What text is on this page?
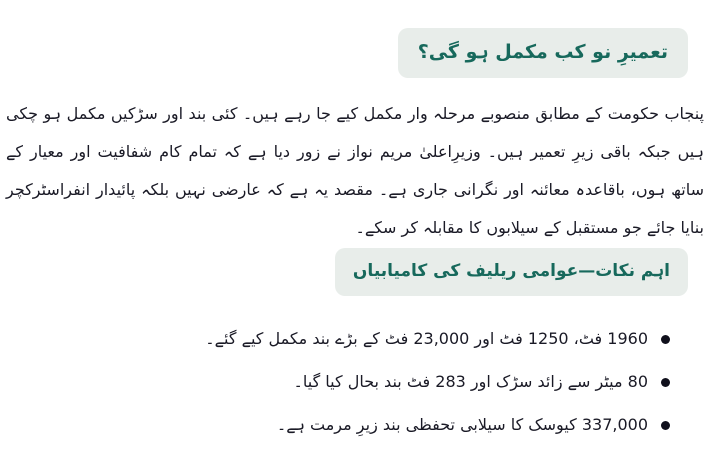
تعمیرِ نو کب مکمل ہو گی؟

پنجاب حکومت کے مطابق منصوبے مرحلہ وار مکمل کیے جا رہے ہیں۔ کئی بند اور سڑکیں مکمل ہو چکی ہیں جبکہ باقی زیرِ تعمیر ہیں۔ وزیرِاعلیٰ مریم نواز نے زور دیا ہے کہ تمام کام شفافیت اور معیار کے ساتھ ہوں، باقاعدہ معائنہ اور نگرانی جاری ہے۔ مقصد یہ ہے کہ عارضی نہیں بلکہ پائیدار انفراسٹرکچر بنایا جائے جو مستقبل کے سیلابوں کا مقابلہ کر سکے۔

اہم نکات—عوامی ریلیف کی کامیابیاں
1960 فٹ، 1250 فٹ اور 23,000 فٹ کے بڑے بند مکمل کیے گئے۔
80 میٹر سے زائد سڑک اور 283 فٹ بند بحال کیا گیا۔
337,000 کیوسک کا سیلابی تحفظی بند زیرِ مرمت ہے۔
